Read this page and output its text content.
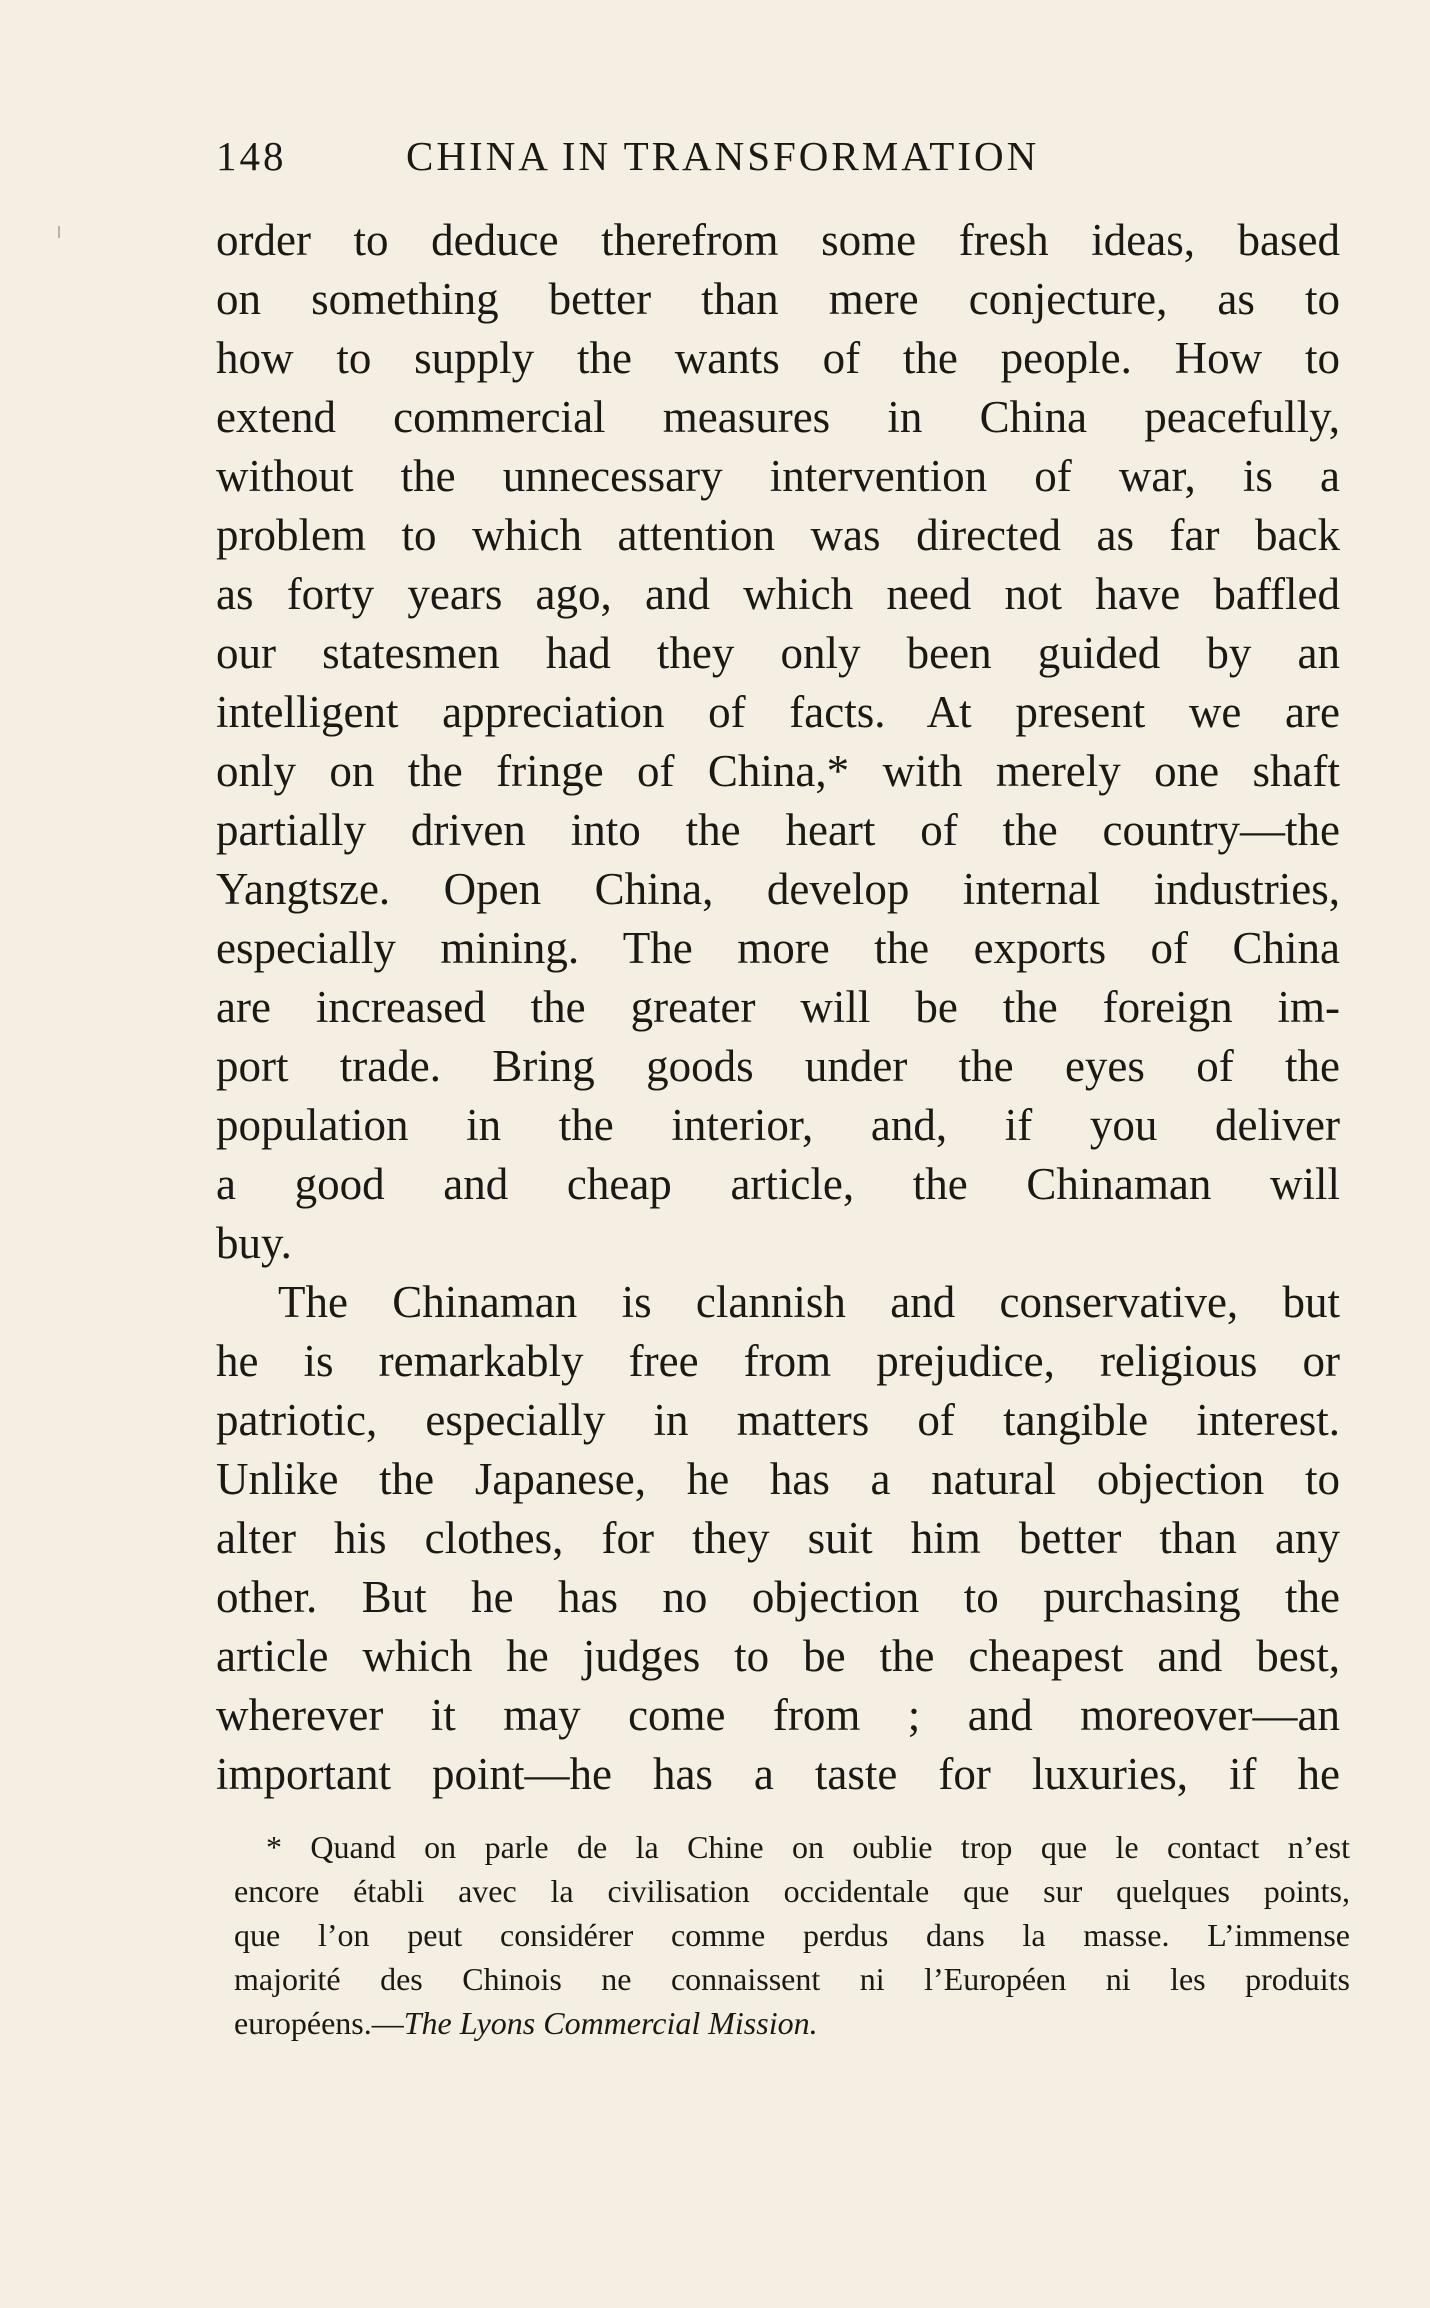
148	CHINA IN TRANSFORMATION
order to deduce therefrom some fresh ideas, based
on something better than mere conjecture, as to
how to supply the wants of the people. How to
extend commercial measures in China peacefully,
without the unnecessary intervention of war, is a
problem to which attention was directed as far back
as forty years ago, and which need not have baffled
our statesmen had they only been guided by an
intelligent appreciation of facts. At present we are
only on the fringe of China,* with merely one shaft
partially driven into the heart of the country—the
Yangtsze. Open China, develop internal industries,
especially mining. The more the exports of China
are increased the greater will be the foreign im-
port trade. Bring goods under the eyes of the
population in the interior, and, if you deliver
a good and cheap article, the Chinaman will
buy.
The Chinaman is clannish and conservative, but
he is remarkably free from prejudice, religious or
patriotic, especially in matters of tangible interest.
Unlike the Japanese, he has a natural objection to
alter his clothes, for they suit him better than any
other. But he has no objection to purchasing the
article which he judges to be the cheapest and best,
wherever it may come from ; and moreover—an
important point—he has a taste for luxuries, if he
* Quand on parle de la Chine on oublie trop que le contact n’est
encore établi avec la civilisation occidentale que sur quelques points,
que l’on peut considérer comme perdus dans la masse. L’immense
majorité des Chinois ne connaissent ni l’Européen ni les produits
européens.—The Lyons Commercial Mission.
